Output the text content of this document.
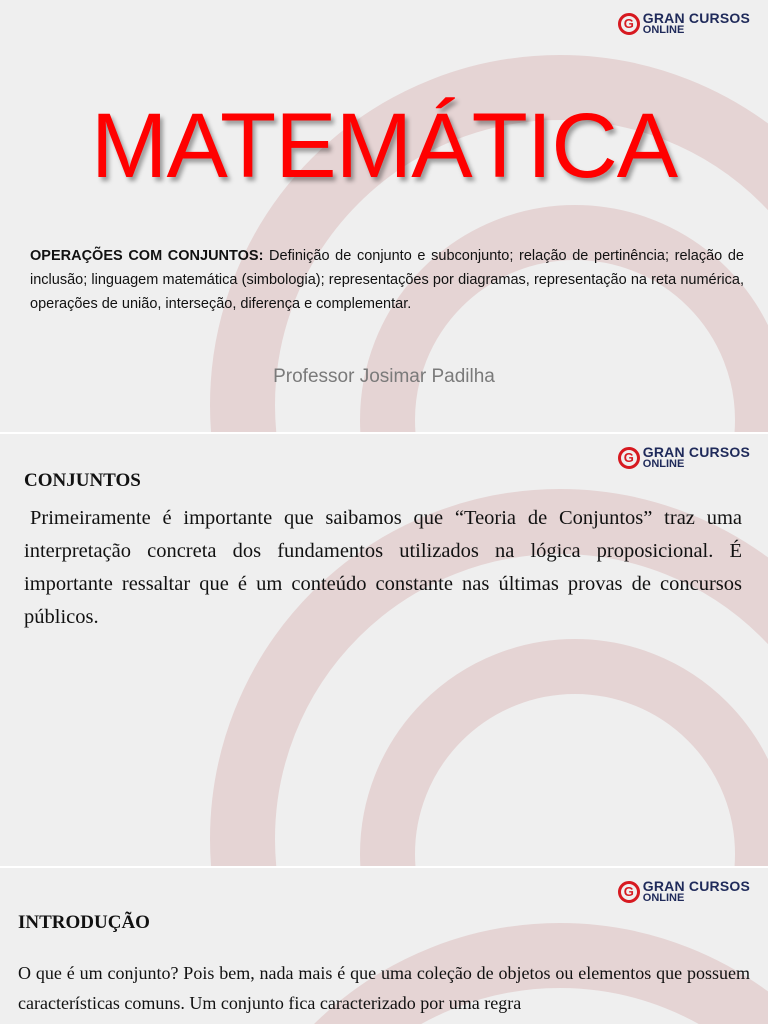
G GRAN CURSOS
ONLINE
MATEMÁTICA

OPERAÇÕES COM CONJUNTOS: Definição de conjunto e subconjunto; relação de pertinência; relação de inclusão; linguagem matemática (simbologia); representações por diagramas, representação na reta numérica, operações de união, interseção, diferença e complementar.

Professor Josimar Padilha
G GRAN CURSOS
ONLINE
CONJUNTOS

Primeiramente é importante que saibamos que “Teoria de Conjuntos” traz uma interpretação concreta dos fundamentos utilizados na lógica proposicional. É importante ressaltar que é um conteúdo constante nas últimas provas de concursos públicos.

G GRAN CURSOS
ONLINE
INTRODUÇÃO

O que é um conjunto? Pois bem, nada mais é que uma coleção de objetos ou elementos que possuem características comuns. Um conjunto fica caracterizado por uma regra
